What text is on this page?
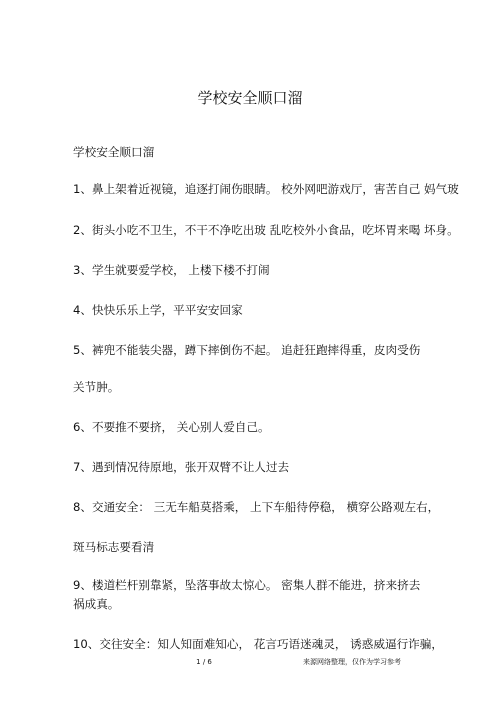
学校安全顺口溜
学校安全顺口溜
1、鼻上架着近视镜，追逐打闹伤眼睛。 校外网吧游戏厅，害苦自己 妈气玻
2、街头小吃不卫生，不干不净吃出玻 乱吃校外小食品，吃坏胃来喝 坏身。
3、学生就要爱学校， 上楼下楼不打闹
4、快快乐乐上学，平平安安回家
5、裤兜不能装尖器，蹲下摔倒伤不起。 追赶狂跑摔得重，皮肉受伤
关节肿。
6、不要推不要挤， 关心别人爱自己。
7、遇到情况待原地，张开双臂不让人过去
8、交通安全： 三无车船莫搭乘， 上下车船待停稳， 横穿公路观左右，
斑马标志要看清
9、楼道栏杆别靠紧，坠落事故太惊心。 密集人群不能进，挤来挤去
祸成真。
10、交往安全：知人知面难知心， 花言巧语迷魂灵， 诱惑威逼行诈骗，
1 / 6	来源网络整理，仅作为学习参考
